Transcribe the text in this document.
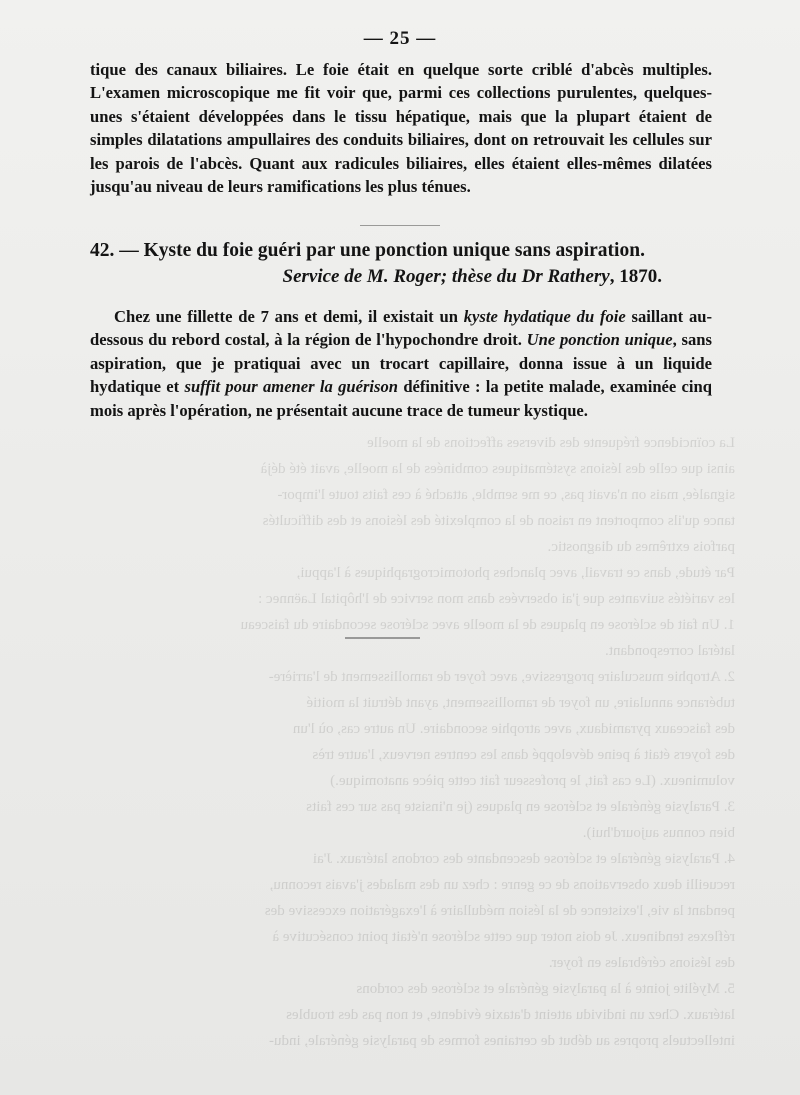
La coïncidence fréquente des diverses affections de la moelle
ainsi que celle des lésions systématiques combinées de la moelle, avait été déjà
signalée, mais on n'avait pas, ce me semble, attaché à ces faits toute l'impor-
tance qu'ils comportent en raison de la complexité des lésions et des difficultés
parfois extrêmes du diagnostic.
Par étude, dans ce travail, avec planches photomicrographiques à l'appui,
les variétés suivantes que j'ai observées dans mon service de l'hôpital Laënnec :
1. Un fait de sclérose en plaques de la moelle avec sclérose secondaire du faisceau
latéral correspondant.
2. Atrophie musculaire progressive, avec foyer de ramollissement de l'arrière-
tubérance annulaire, un foyer de ramollissement, ayant détruit la moitié
des faisceaux pyramidaux, avec atrophie secondaire. Un autre cas, où l'un
des foyers était à peine développé dans les centres nerveux, l'autre très
volumineux. (Le cas fait, le professeur fait cette pièce anatomique.)
3. Paralysie générale et sclérose en plaques (je n'insiste pas sur ces faits
bien connus aujourd'hui).
4. Paralysie générale et sclérose descendante des cordons latéraux. J'ai
recueilli deux observations de ce genre : chez un des malades j'avais reconnu,
pendant la vie, l'existence de la lésion médullaire à l'exagération excessive des
réflexes tendineux. Je dois noter que cette sclérose n'était point consécutive à
des lésions cérébrales en foyer.
5. Myélite jointe à la paralysie générale et sclérose des cordons
latéraux. Chez un individu atteint d'ataxie évidente, et non pas des troubles
intellectuels propres au début de certaines formes de paralysie générale, indu-
— 25 —
tique des canaux biliaires. Le foie était en quelque sorte criblé d'abcès multiples. L'examen microscopique me fit voir que, parmi ces collections purulentes, quelques-unes s'étaient développées dans le tissu hépatique, mais que la plupart étaient de simples dilatations ampullaires des conduits biliaires, dont on retrouvait les cellules sur les parois de l'abcès. Quant aux radicules biliaires, elles étaient elles-mêmes dilatées jusqu'au niveau de leurs ramifications les plus ténues.
42. — Kyste du foie guéri par une ponction unique sans aspiration.
Service de M. Roger; thèse du Dr Rathery, 1870.
Chez une fillette de 7 ans et demi, il existait un kyste hydatique du foie saillant au-dessous du rebord costal, à la région de l'hypochondre droit. Une ponction unique, sans aspiration, que je pratiquai avec un trocart capillaire, donna issue à un liquide hydatique et suffit pour amener la guérison définitive : la petite malade, examinée cinq mois après l'opération, ne présentait aucune trace de tumeur kystique.
